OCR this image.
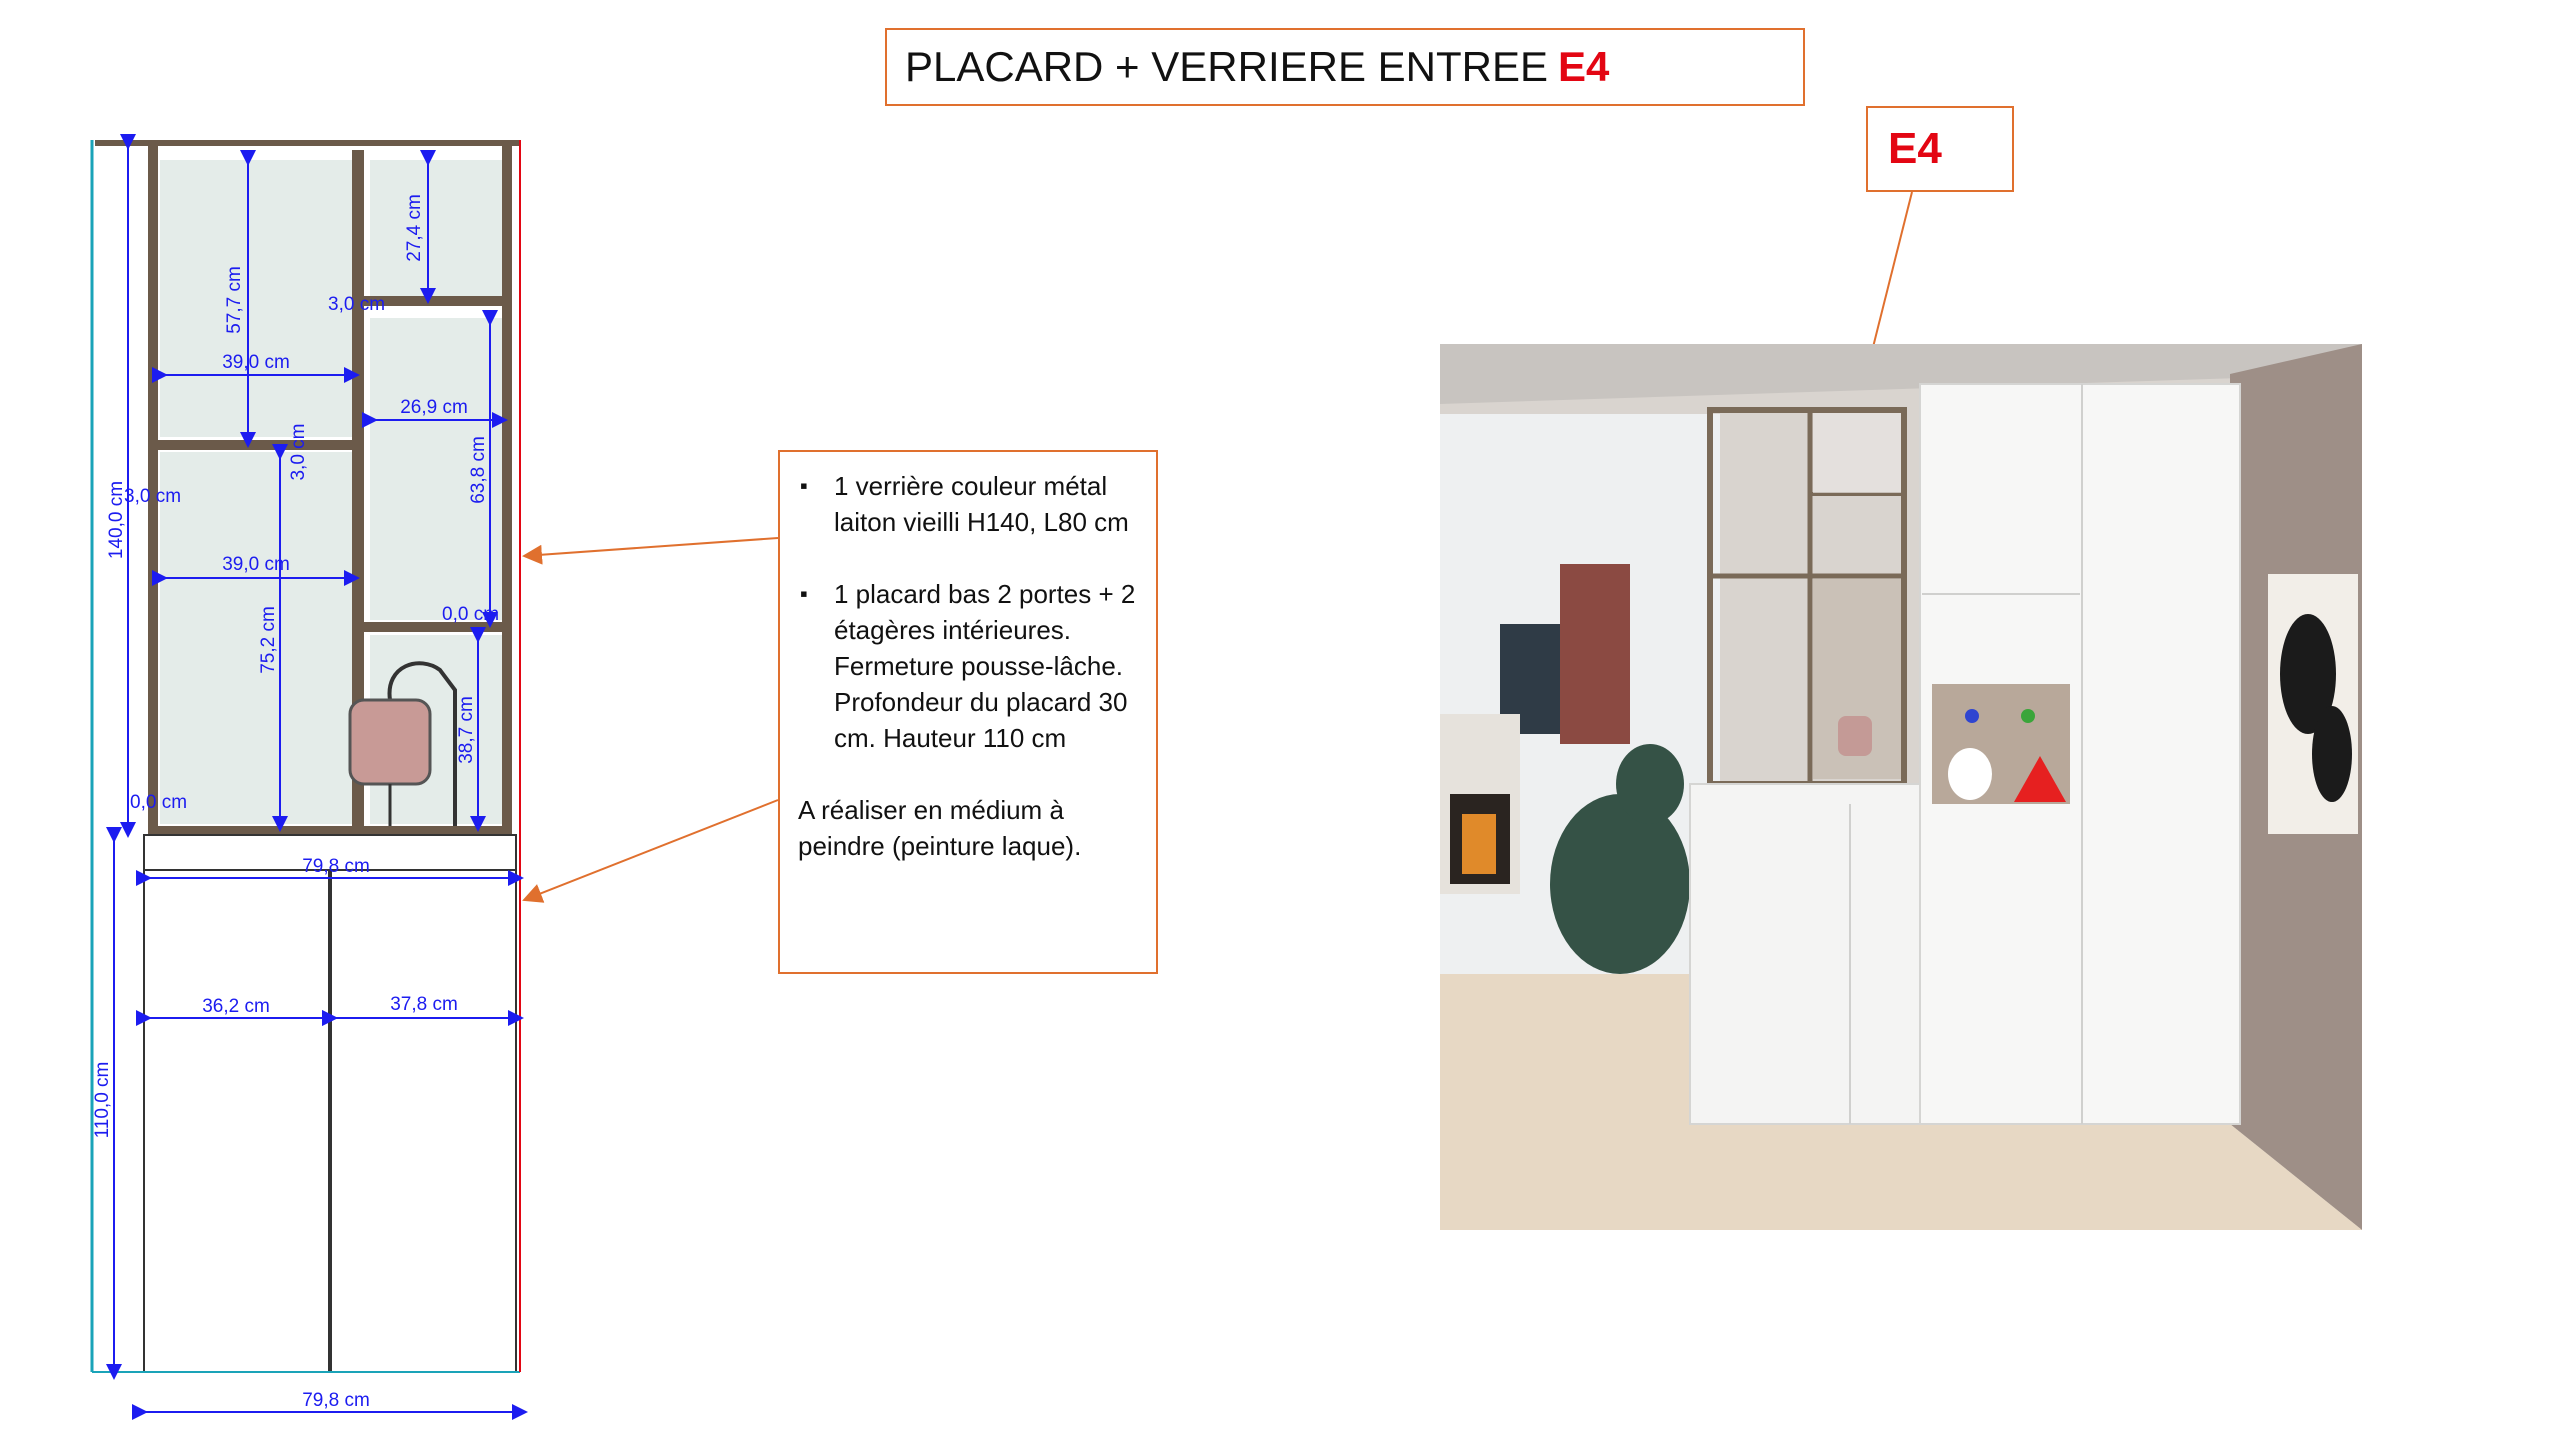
PLACARD + VERRIERE ENTREE E4
E4
140,0 cm
57,7 cm
27,4 cm
3,0 cm
39,0 cm
26,9 cm
3,0 cm
3,0 cm	63,8 cm
39,0 cm
0,0 cm
75,2 cm
38,7 cm
0,0 cm
79,8 cm
36,2 cm	37,8 cm
110,0 cm
79,8 cm
▪ 1 verrière couleur métal laiton vieilli H140, L80 cm
▪ 1 placard bas 2 portes + 2 étagères intérieures. Fermeture pousse-lâche. Profondeur du placard 30 cm. Hauteur 110 cm

A réaliser en médium à peindre (peinture laque).
